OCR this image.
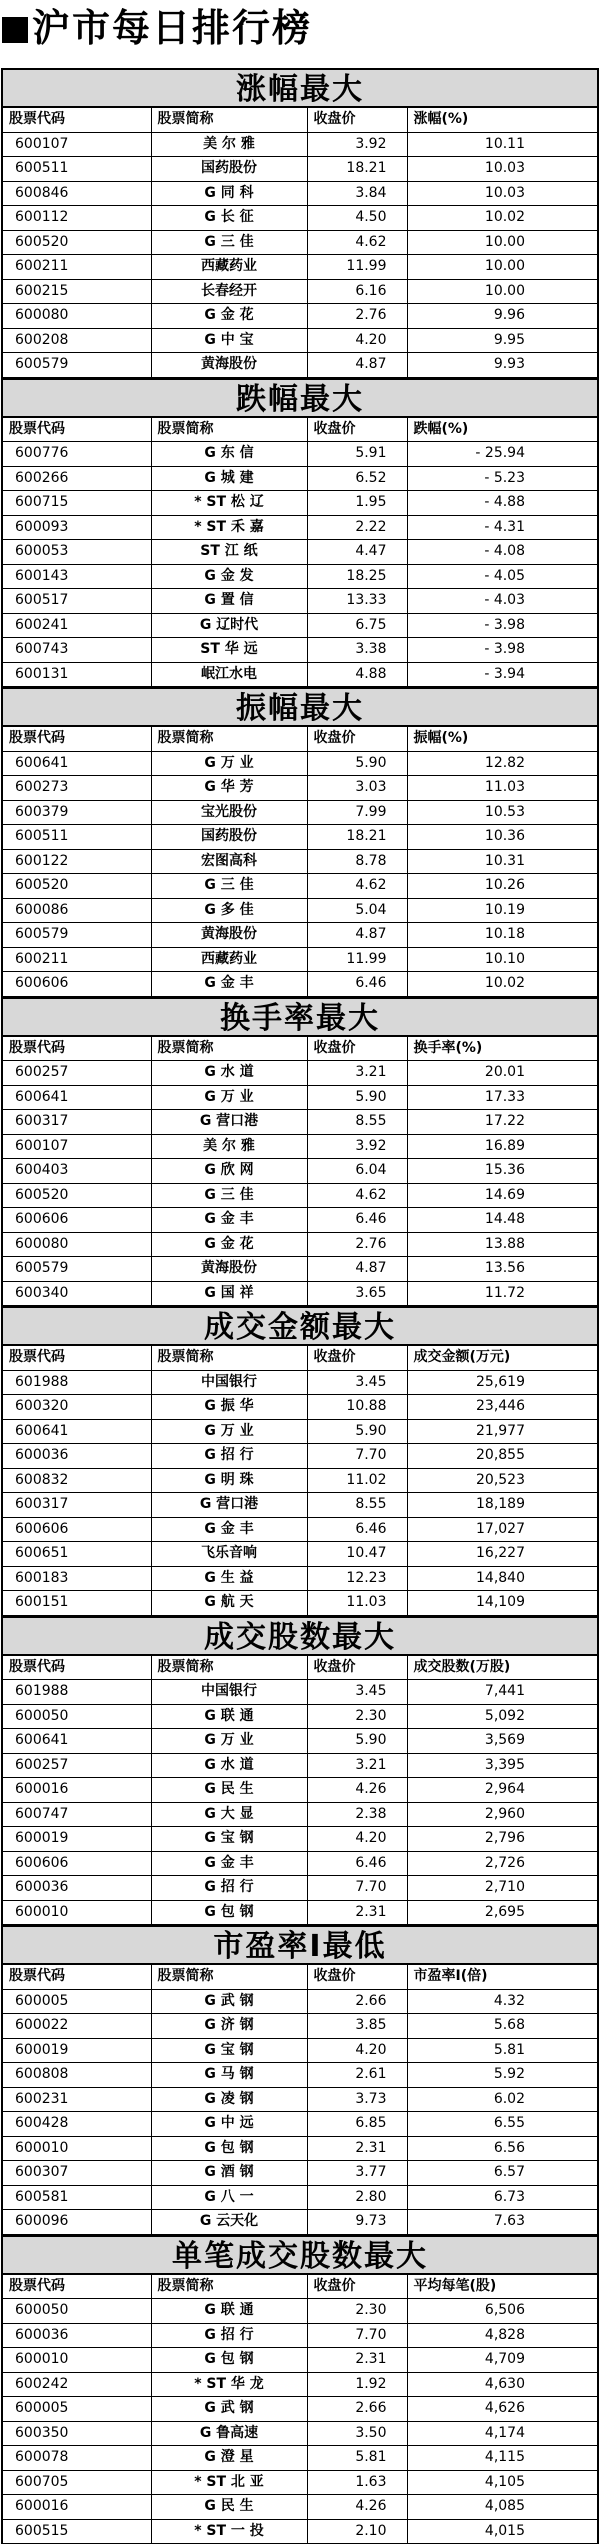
沪市每日排行榜
涨幅最大
股票代码	股票简称	收盘价	涨幅(%)
600107	美 尔 雅	3.92	10.11
600511	国药股份	18.21	10.03
600846	G 同 科	3.84	10.03
600112	G 长 征	4.50	10.02
600520	G 三 佳	4.62	10.00
600211	西藏药业	11.99	10.00
600215	长春经开	6.16	10.00
600080	G 金 花	2.76	9.96
600208	G 中 宝	4.20	9.95
600579	黄海股份	4.87	9.93
跌幅最大
股票代码	股票简称	收盘价	跌幅(%)
600776	G 东 信	5.91	- 25.94
600266	G 城 建	6.52	- 5.23
600715	* ST 松 辽	1.95	- 4.88
600093	* ST 禾 嘉	2.22	- 4.31
600053	ST 江 纸	4.47	- 4.08
600143	G 金 发	18.25	- 4.05
600517	G 置 信	13.33	- 4.03
600241	G 辽时代	6.75	- 3.98
600743	ST 华 远	3.38	- 3.98
600131	岷江水电	4.88	- 3.94
振幅最大
股票代码	股票简称	收盘价	振幅(%)
600641	G 万 业	5.90	12.82
600273	G 华 芳	3.03	11.03
600379	宝光股份	7.99	10.53
600511	国药股份	18.21	10.36
600122	宏图高科	8.78	10.31
600520	G 三 佳	4.62	10.26
600086	G 多 佳	5.04	10.19
600579	黄海股份	4.87	10.18
600211	西藏药业	11.99	10.10
600606	G 金 丰	6.46	10.02
换手率最大
股票代码	股票简称	收盘价	换手率(%)
600257	G 水 道	3.21	20.01
600641	G 万 业	5.90	17.33
600317	G 营口港	8.55	17.22
600107	美 尔 雅	3.92	16.89
600403	G 欣 网	6.04	15.36
600520	G 三 佳	4.62	14.69
600606	G 金 丰	6.46	14.48
600080	G 金 花	2.76	13.88
600579	黄海股份	4.87	13.56
600340	G 国 祥	3.65	11.72
成交金额最大
股票代码	股票简称	收盘价	成交金额(万元)
601988	中国银行	3.45	25,619
600320	G 振 华	10.88	23,446
600641	G 万 业	5.90	21,977
600036	G 招 行	7.70	20,855
600832	G 明 珠	11.02	20,523
600317	G 营口港	8.55	18,189
600606	G 金 丰	6.46	17,027
600651	飞乐音响	10.47	16,227
600183	G 生 益	12.23	14,840
600151	G 航 天	11.03	14,109
成交股数最大
股票代码	股票简称	收盘价	成交股数(万股)
601988	中国银行	3.45	7,441
600050	G 联 通	2.30	5,092
600641	G 万 业	5.90	3,569
600257	G 水 道	3.21	3,395
600016	G 民 生	4.26	2,964
600747	G 大 显	2.38	2,960
600019	G 宝 钢	4.20	2,796
600606	G 金 丰	6.46	2,726
600036	G 招 行	7.70	2,710
600010	G 包 钢	2.31	2,695
市盈率Ⅰ最低
股票代码	股票简称	收盘价	市盈率Ⅰ(倍)
600005	G 武 钢	2.66	4.32
600022	G 济 钢	3.85	5.68
600019	G 宝 钢	4.20	5.81
600808	G 马 钢	2.61	5.92
600231	G 凌 钢	3.73	6.02
600428	G 中 远	6.85	6.55
600010	G 包 钢	2.31	6.56
600307	G 酒 钢	3.77	6.57
600581	G 八 一	2.80	6.73
600096	G 云天化	9.73	7.63
单笔成交股数最大
股票代码	股票简称	收盘价	平均每笔(股)
600050	G 联 通	2.30	6,506
600036	G 招 行	7.70	4,828
600010	G 包 钢	2.31	4,709
600242	* ST 华 龙	1.92	4,630
600005	G 武 钢	2.66	4,626
600350	G 鲁高速	3.50	4,174
600078	G 澄 星	5.81	4,115
600705	* ST 北 亚	1.63	4,105
600016	G 民 生	4.26	4,085
600515	* ST 一 投	2.10	4,015
